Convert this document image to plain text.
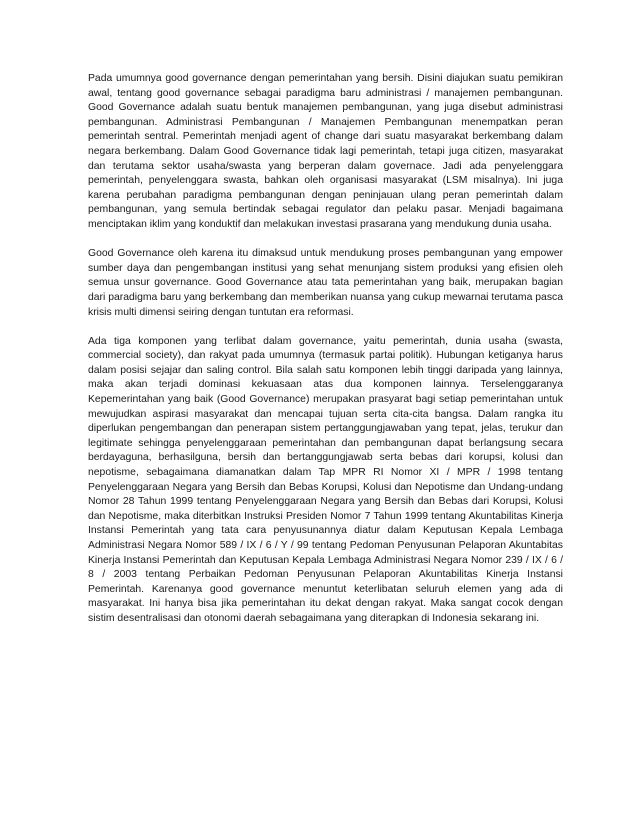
Pada umumnya good governance dengan pemerintahan yang bersih. Disini diajukan suatu pemikiran awal, tentang good governance sebagai paradigma baru administrasi / manajemen pembangunan. Good Governance adalah suatu bentuk manajemen pembangunan, yang juga disebut administrasi pembangunan. Administrasi Pembangunan / Manajemen Pembangunan menempatkan peran pemerintah sentral. Pemerintah menjadi agent of change dari suatu masyarakat berkembang dalam negara berkembang. Dalam Good Governance tidak lagi pemerintah, tetapi juga citizen, masyarakat dan terutama sektor usaha/swasta yang berperan dalam governace. Jadi ada penyelenggara pemerintah, penyelenggara swasta, bahkan oleh organisasi masyarakat (LSM misalnya). Ini juga karena perubahan paradigma pembangunan dengan peninjauan ulang peran pemerintah dalam pembangunan, yang semula bertindak sebagai regulator dan pelaku pasar. Menjadi bagaimana menciptakan iklim yang konduktif dan melakukan investasi prasarana yang mendukung dunia usaha.

Good Governance oleh karena itu dimaksud untuk mendukung proses pembangunan yang empower sumber daya dan pengembangan institusi yang sehat menunjang sistem produksi yang efisien oleh semua unsur governance. Good Governance atau tata pemerintahan yang baik, merupakan bagian dari paradigma baru yang berkembang dan memberikan nuansa yang cukup mewarnai terutama pasca krisis multi dimensi seiring dengan tuntutan era reformasi.

Ada tiga komponen yang terlibat dalam governance, yaitu pemerintah, dunia usaha (swasta, commercial society), dan rakyat pada umumnya (termasuk partai politik). Hubungan ketiganya harus dalam posisi sejajar dan saling control. Bila salah satu komponen lebih tinggi daripada yang lainnya, maka akan terjadi dominasi kekuasaan atas dua komponen lainnya. Terselenggaranya Kepemerintahan yang baik (Good Governance) merupakan prasyarat bagi setiap pemerintahan untuk mewujudkan aspirasi masyarakat dan mencapai tujuan serta cita-cita bangsa. Dalam rangka itu diperlukan pengembangan dan penerapan sistem pertanggungjawaban yang tepat, jelas, terukur dan legitimate sehingga penyelenggaraan pemerintahan dan pembangunan dapat berlangsung secara berdayaguna, berhasilguna, bersih dan bertanggungjawab serta bebas dari korupsi, kolusi dan nepotisme, sebagaimana diamanatkan dalam Tap MPR RI Nomor XI / MPR / 1998 tentang Penyelenggaraan Negara yang Bersih dan Bebas Korupsi, Kolusi dan Nepotisme dan Undang-undang Nomor 28 Tahun 1999 tentang Penyelenggaraan Negara yang Bersih dan Bebas dari Korupsi, Kolusi dan Nepotisme, maka diterbitkan Instruksi Presiden Nomor 7 Tahun 1999 tentang Akuntabilitas Kinerja Instansi Pemerintah yang tata cara penyusunannya diatur dalam Keputusan Kepala Lembaga Administrasi Negara Nomor 589 / IX / 6 / Y / 99 tentang Pedoman Penyusunan Pelaporan Akuntabitas Kinerja Instansi Pemerintah dan Keputusan Kepala Lembaga Administrasi Negara Nomor 239 / IX / 6 / 8 / 2003 tentang Perbaikan Pedoman Penyusunan Pelaporan Akuntabilitas Kinerja Instansi Pemerintah. Karenanya good governance menuntut keterlibatan seluruh elemen yang ada di masyarakat. Ini hanya bisa jika pemerintahan itu dekat dengan rakyat. Maka sangat cocok dengan sistim desentralisasi dan otonomi daerah sebagaimana yang diterapkan di Indonesia sekarang ini.
